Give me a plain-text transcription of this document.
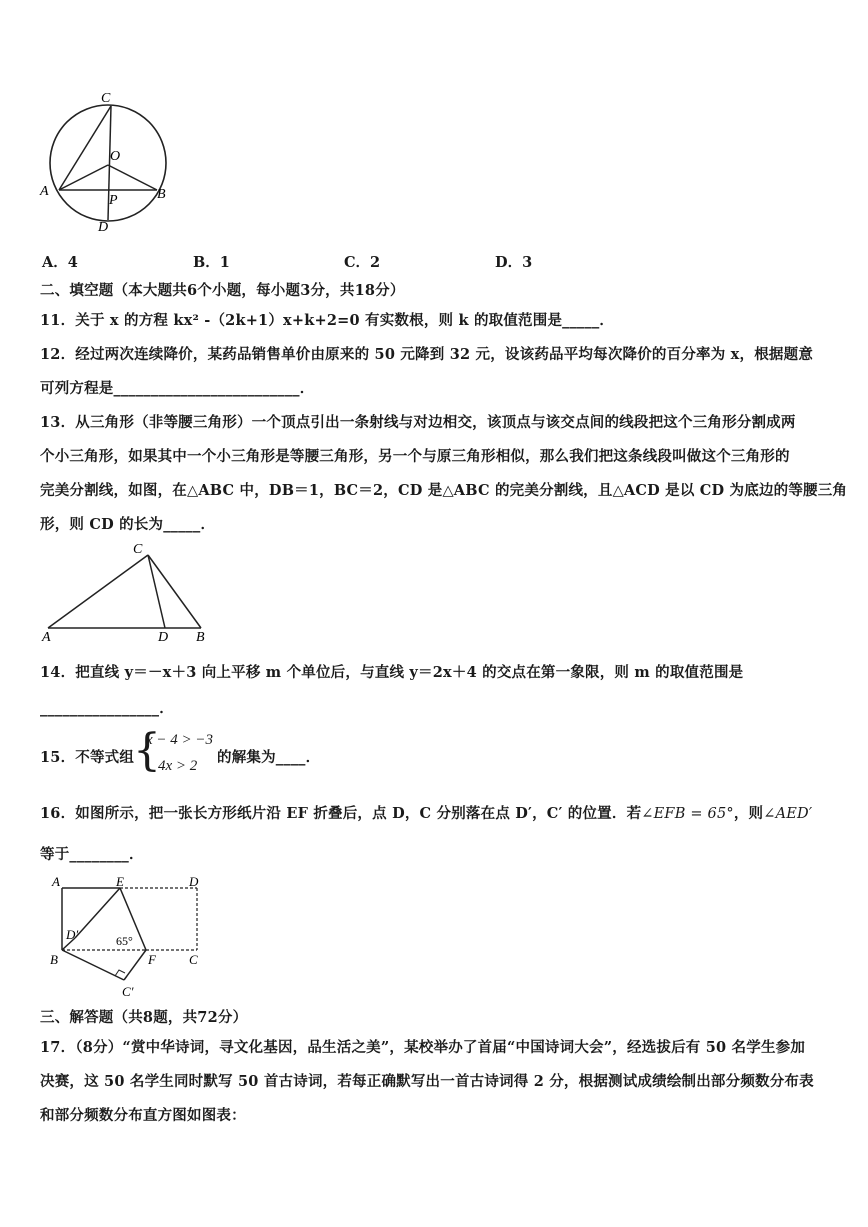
C
O
A
P	B
D
A．4	B．1	C．2	D．3
二、填空题（本大题共6个小题，每小题3分，共18分）
11．关于 x 的方程 kx² -（2k+1）x+k+2=0 有实数根，则 k 的取值范围是_____．
12．经过两次连续降价，某药品销售单价由原来的 50 元降到 32 元，设该药品平均每次降价的百分率为 x，根据题意
可列方程是_________________________．
13．从三角形（非等腰三角形）一个顶点引出一条射线与对边相交，该顶点与该交点间的线段把这个三角形分割成两
个小三角形，如果其中一个小三角形是等腰三角形，另一个与原三角形相似，那么我们把这条线段叫做这个三角形的
完美分割线，如图，在△ABC 中，DB＝1，BC＝2，CD 是△ABC 的完美分割线，且△ACD 是以 CD 为底边的等腰三角
形，则 CD 的长为_____．
C
A	D B
14．把直线 y＝－x＋3 向上平移 m 个单位后，与直线 y＝2x＋4 的交点在第一象限，则 m 的取值范围是
________________．
15．不等式组
{
x − 4 > −3
4x > 2 的解集为____．
16．如图所示，把一张长方形纸片沿 EF 折叠后，点 D，C 分别落在点 D′，C′ 的位置．若∠EFB = 65°，则∠AED′
等于________．
A	E	D
D′	65°
B	F	C
C′
三、解答题（共8题，共72分）
17．（8分）“赏中华诗词，寻文化基因，品生活之美”，某校举办了首届“中国诗词大会”，经选拔后有 50 名学生参加
决赛，这 50 名学生同时默写 50 首古诗词，若每正确默写出一首古诗词得 2 分，根据测试成绩绘制出部分频数分布表
和部分频数分布直方图如图表：
